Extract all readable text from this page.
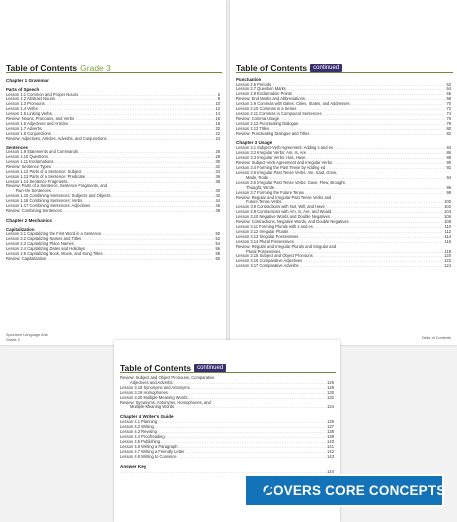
Table of Contents Grade 3
Chapter 1 Grammar
Parts of Speech
Lesson 1.1 Common and Proper Nouns .....	6
Lesson 1.2 Abstract Nouns .....	8
Lesson 1.3 Pronouns .....	10
Lesson 1.4 Verbs .....	12
Lesson 1.5 Linking Verbs .....	14
Review: Nouns, Pronouns, and Verbs .....	16
Lesson 1.6 Adjectives and Articles .....	18
Lesson 1.7 Adverbs .....	20
Lesson 1.8 Conjunctions .....	22
Review: Adjectives, Articles, Adverbs, and Conjunctions .....	24
Sentences
Lesson 1.9 Statements and Commands .....	26
Lesson 1.10 Questions .....	28
Lesson 1.11 Exclamations .....	30
Review: Sentence Types .....	32
Lesson 1.12 Parts of a Sentence: Subject .....	34
Lesson 1.13 Parts of a Sentence: Predicate .....	36
Lesson 1.14 Sentence Fragments .....	38
Review: Parts of a Sentence, Sentence Fragments, and
Run-On Sentences .....	40
Lesson 1.15 Combining Sentences: Subjects and Objects .....	42
Lesson 1.16 Combining Sentences: Verbs .....	44
Lesson 1.17 Combining Sentences: Adjectives .....	46
Review: Combining Sentences .....	48
Chapter 2 Mechanics
Capitalization
Lesson 2.1 Capitalizing the First Word in a Sentence .....	50
Lesson 2.2 Capitalizing Names and Titles .....	52
Lesson 2.3 Capitalizing Place Names .....	54
Lesson 2.4 Capitalizing Dates and Holidays .....	56
Lesson 2.5 Capitalizing Book, Movie, and Song Titles .....	58
Review: Capitalization .....	60
Spectrum Language Arts
Grade 3
Table of Contents continued
Punctuation
Lesson 2.6 Periods .....	62
Lesson 2.7 Question Marks .....	64
Lesson 2.8 Exclamation Points .....	66
Review: End Marks and Abbreviations .....	68
Lesson 2.9 Commas with Dates, Cities, States, and Addresses .....	70
Lesson 2.10 Commas in a Series .....	72
Lesson 2.11 Commas in Compound Sentences .....	74
Review: Comma Usage .....	76
Lesson 2.12 Punctuating Dialogue .....	78
Lesson 2.13 Titles .....	80
Review: Punctuating Dialogue and Titles .....	82
Chapter 3 Usage
Lesson 3.1 Subject-Verb Agreement: Adding s and es .....	84
Lesson 3.2 Irregular Verbs: Am, Is, Are .....	86
Lesson 3.3 Irregular Verbs: Has, Have .....	88
Review: Subject-Verb Agreement and Irregular Verbs .....	90
Lesson 3.4 Forming the Past Tense by Adding ed .....	92
Lesson 3.5 Irregular Past Tense Verbs: Ate, Said, Grew,
Made, Rode .....	94
Lesson 3.6 Irregular Past Tense Verbs: Gave, Flew, Brought,
Thought, Wrote .....	96
Lesson 3.7 Forming the Future Tense .....	98
Review: Regular and Irregular Past Tense Verbs and
Future Tense Verbs .....	100
Lesson 3.8 Contractions with Not, Will, and Have .....	102
Lesson 3.9 Contractions with Am, Is, Are, and Would .....	104
Lesson 3.10 Negative Words and Double Negatives .....	106
Review: Contractions, Negative Words, and Double Negatives .....	108
Lesson 3.11 Forming Plurals with s and es .....	110
Lesson 3.12 Irregular Plurals .....	112
Lesson 3.13 Singular Possessives .....	114
Lesson 3.14 Plural Possessives .....	116
Review: Regular and Irregular Plurals and Singular and
Plural Possessives .....	118
Lesson 3.15 Subject and Object Pronouns .....	120
Lesson 3.16 Comparative Adjectives .....	122
Lesson 3.17 Comparative Adverbs .....	124
Table of Contents
Table of Contents continued
Review: Subject and Object Pronouns, Comparative
Adjectives and Adverbs .....	126
Lesson 3.18 Synonyms and Antonyms .....	128
Lesson 3.19 Homophones .....	130
Lesson 3.20 Multiple-Meaning Words .....	132
Review: Synonyms, Antonyms, Homophones, and
Multiple-Meaning Words .....	134
Chapter 4 Writer's Guide
Lesson 4.1 Planning .....	136
Lesson 4.2 Writing .....	137
Lesson 4.3 Revising .....	138
Lesson 4.4 Proofreading .....	139
Lesson 4.5 Publishing .....	140
Lesson 4.6 Writing a Paragraph .....	141
Lesson 4.7 Writing a Friendly Letter .....	142
Lesson 4.8 Writing to Convince .....	143
Answer Key
.....
144
COVERS CORE CONCEPTS
